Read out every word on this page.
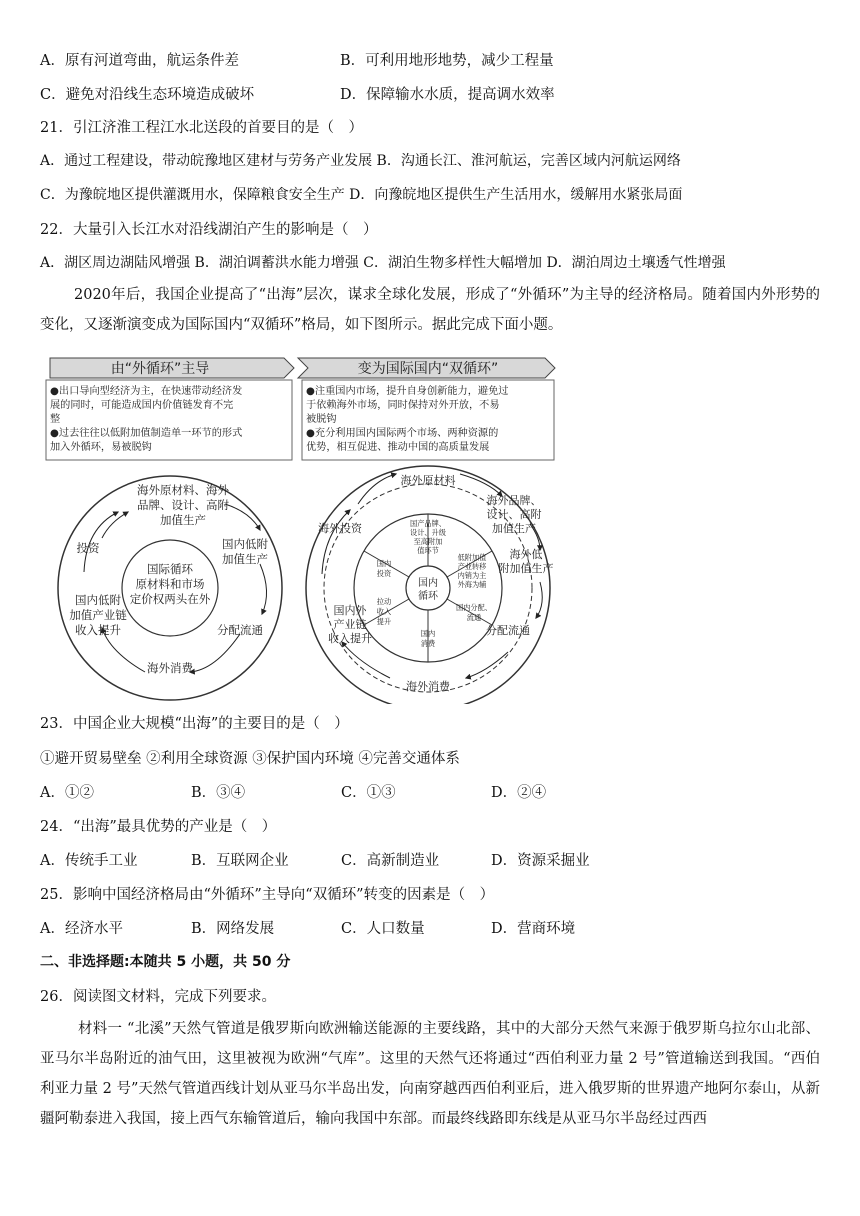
A．原有河道弯曲，航运条件差	B．可利用地形地势，减少工程量
C．避免对沿线生态环境造成破坏	D．保障输水水质，提高调水效率
21．引江济淮工程江水北送段的首要目的是（　）
A．通过工程建设，带动皖豫地区建材与劳务产业发展 B．沟通长江、淮河航运，完善区域内河航运网络
C．为豫皖地区提供灌溉用水，保障粮食安全生产 D．向豫皖地区提供生产生活用水，缓解用水紧张局面
22．大量引入长江水对沿线湖泊产生的影响是（　）
A．湖区周边湖陆风增强 B．湖泊调蓄洪水能力增强 C．湖泊生物多样性大幅增加 D．湖泊周边土壤透气性增强
2020年后，我国企业提高了“出海”层次，谋求全球化发展，形成了“外循环”为主导的经济格局。随着国内外形势的变化，又逐渐演变成为国际国内“双循环”格局，如下图所示。据此完成下面小题。
由“外循环”主导
●出口导向型经济为主，在快速带动经济发
展的同时，可能造成国内价值链发育不完
整
●过去往往以低附加值制造单一环节的形式
加入外循环，易被脱钩
变为国际国内“双循环”
●注重国内市场，提升自身创新能力，避免过
于依赖海外市场，同时保持对外开放，不易
被脱钩
●充分利用国内国际两个市场、两种资源的
优势，相互促进、推动中国的高质量发展
海外原材料、海外
品牌、设计、高附
加值生产
国内低附
加值生产
分配流通
海外消费
国内低附
加值产业链
收入提升
投资
国际循环
原材料和市场
定价权两头在外
海外原材料
海外品牌、
设计、高附
加值生产
海外低
附加值生产
分配流通
海外消费
国内外
产业链
收入提升
海外投资	国产品牌、
设计、升级
至高附加
值环节
低附加值
产业转移
内销为主
外海为辅
国内分配、
流通
国内
消费
拉动
收入
提升
国内
投资
国内
循环
23．中国企业大规模“出海”的主要目的是（　）
①避开贸易壁垒 ②利用全球资源 ③保护国内环境 ④完善交通体系
A．①②	B．③④	C．①③	D．②④
24．“出海”最具优势的产业是（　）
A．传统手工业	B．互联网企业	C．高新制造业	D．资源采掘业
25．影响中国经济格局由“外循环”主导向“双循环”转变的因素是（　）
A．经济水平	B．网络发展	C．人口数量	D．营商环境
二、非选择题:本随共 5 小题，共 50 分
26．阅读图文材料，完成下列要求。
材料一 “北溪”天然气管道是俄罗斯向欧洲输送能源的主要线路，其中的大部分天然气来源于俄罗斯乌拉尔山北部、亚马尔半岛附近的油气田，这里被视为欧洲“气库”。这里的天然气还将通过“西伯利亚力量 2 号”管道输送到我国。“西伯利亚力量 2 号”天然气管道西线计划从亚马尔半岛出发，向南穿越西西伯利亚后，进入俄罗斯的世界遗产地阿尔泰山，从新疆阿勒泰进入我国，接上西气东输管道后，输向我国中东部。而最终线路即东线是从亚马尔半岛经过西西
